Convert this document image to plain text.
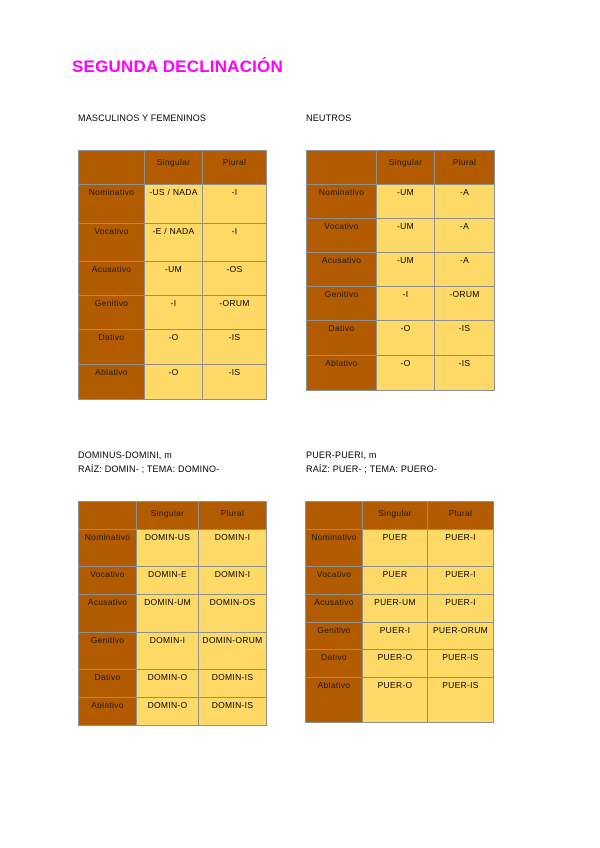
SEGUNDA DECLINACIÓN
MASCULINOS Y FEMENINOS	NEUTROS
	Singular	Plural
Nominativo	-US / NADA	-I
Vocativo	-E / NADA	-I
Acusativo	-UM	-OS
Genitivo	-I	-ORUM
Dativo	-O	-IS
Ablativo	-O	-IS
	Singular	Plural
Nominativo	-UM	-A
Vocativo	-UM	-A
Acusativo	-UM	-A
Genitivo	-I	-ORUM
Dativo	-O	-IS
Ablativo	-O	-IS
DOMINUS-DOMINI, m
RAÍZ: DOMIN- ; TEMA: DOMINO-
PUER-PUERI, m
RAÍZ: PUER- ; TEMA: PUERO-
	Singular	Plural
Nominativo	DOMIN-US	DOMIN-I
Vocativo	DOMIN-E	DOMIN-I
Acusativo	DOMIN-UM	DOMIN-OS
Genitivo	DOMIN-I	DOMIN-ORUM
Dativo	DOMIN-O	DOMIN-IS
Ablativo	DOMIN-O	DOMIN-IS
	Singular	Plural
Nominativo	PUER	PUER-I
Vocativo	PUER	PUER-I
Acusativo	PUER-UM	PUER-I
Genitivo	PUER-I	PUER-ORUM
Dativo	PUER-O	PUER-IS
Ablativo	PUER-O	PUER-IS
